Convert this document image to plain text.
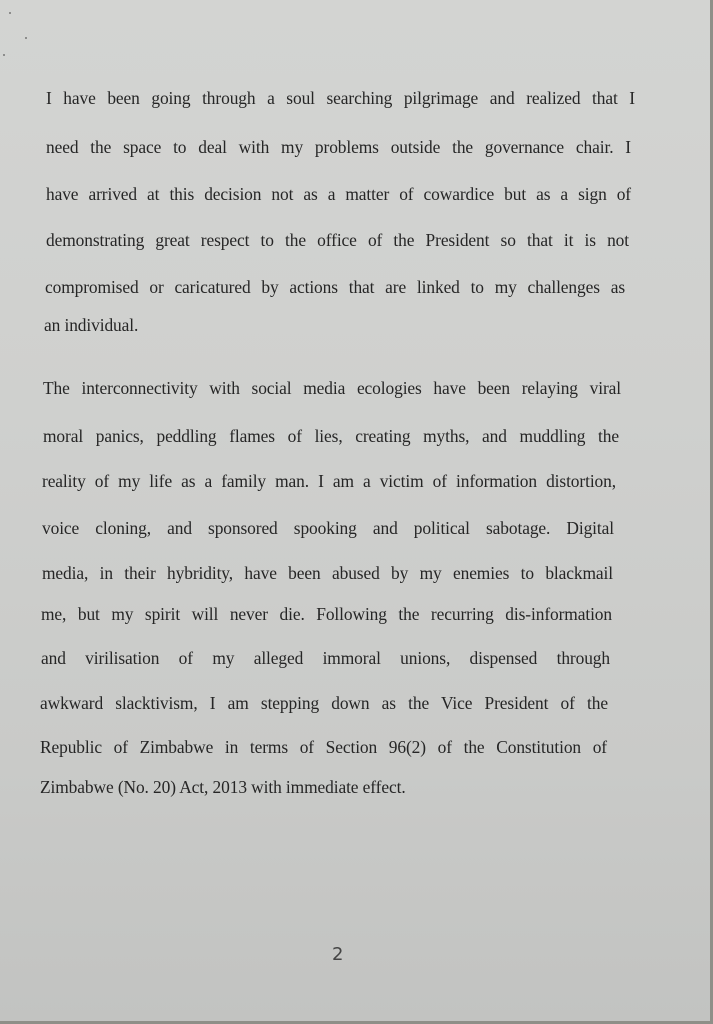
I have been going through a soul searching pilgrimage and realized that I
need the space to deal with my problems outside the governance chair. I
have arrived at this decision not as a matter of cowardice but as a sign of
demonstrating great respect to the office of the President so that it is not
compromised or caricatured by actions that are linked to my challenges as
an individual.
The interconnectivity with social media ecologies have been relaying viral
moral panics, peddling flames of lies, creating myths, and muddling the
reality of my life as a family man. I am a victim of information distortion,
voice cloning, and sponsored spooking and political sabotage. Digital
media, in their hybridity, have been abused by my enemies to blackmail
me, but my spirit will never die. Following the recurring dis-information
and virilisation of my alleged immoral unions, dispensed through
awkward slacktivism, I am stepping down as the Vice President of the
Republic of Zimbabwe in terms of Section 96(2) of the Constitution of
Zimbabwe (No. 20) Act, 2013 with immediate effect.
2
